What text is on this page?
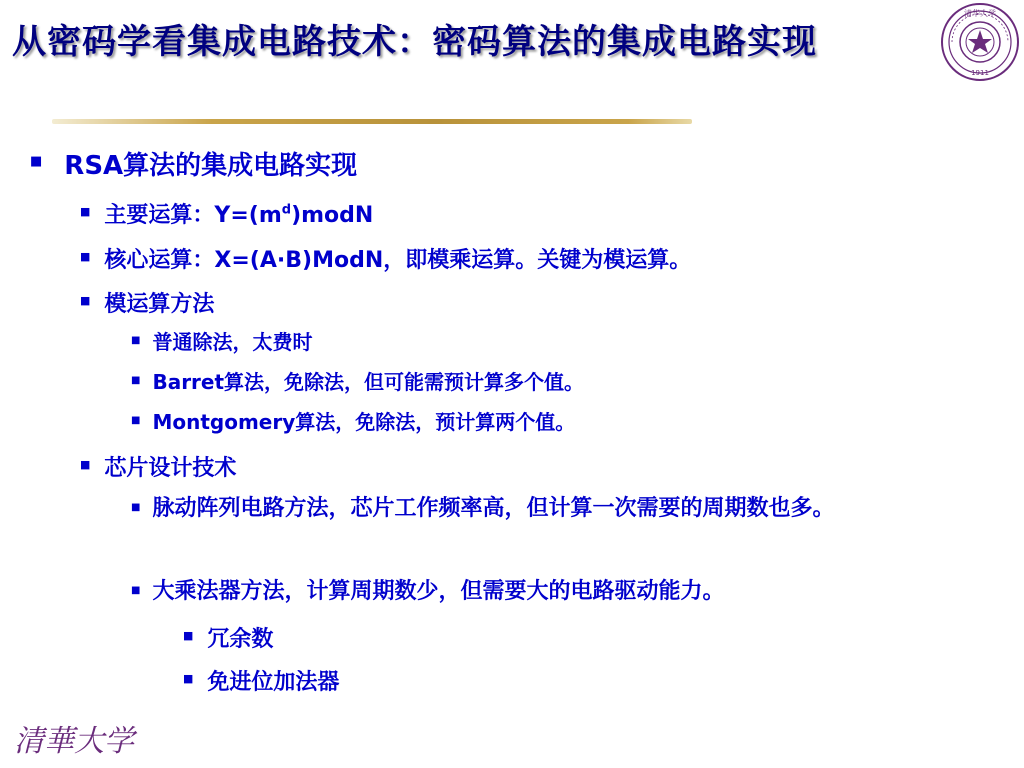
从密码学看集成电路技术：密码算法的集成电路实现
清华大学
1911
■ RSA算法的集成电路实现
■ 主要运算：$Y=(m^d)modN$
■ 核心运算：X=(A·B)ModN，即模乘运算。关键为模运算。
■ 模运算方法
■ 普通除法，太费时
■ Barret算法，免除法，但可能需预计算多个值。
■ Montgomery算法，免除法，预计算两个值。
■ 芯片设计技术
■ 脉动阵列电路方法，芯片工作频率高，但计算一次需要的周期数也多。
■ 大乘法器方法，计算周期数少，但需要大的电路驱动能力。
■ 冗余数
■ 免进位加法器
清華大学
